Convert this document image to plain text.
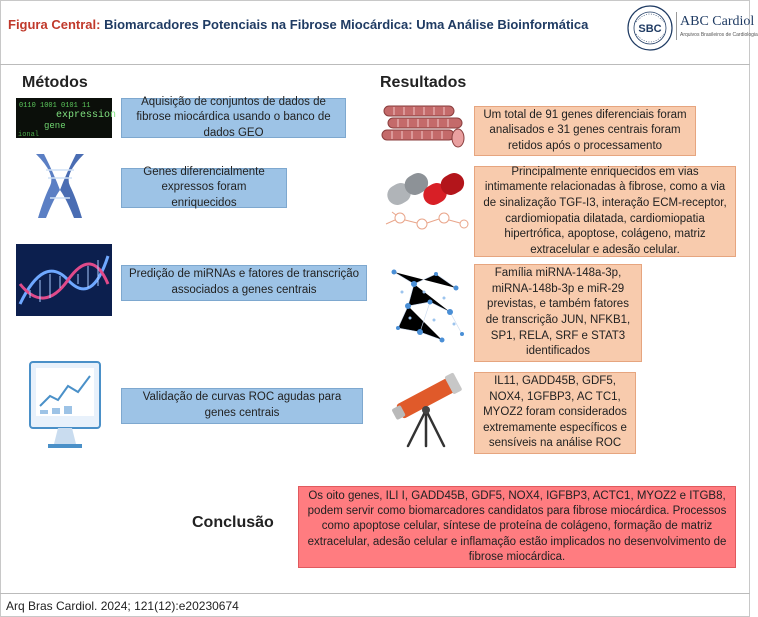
Figura Central: Biomarcadores Potenciais na Fibrose Miocárdica: Uma Análise Bioinformática	SBC ABC Cardiol
Arquivos Brasileiros de Cardiologia
Métodos	Resultados
0110 1001 0101 11
expression
gene
ional
Aquisição de conjuntos de dados de fibrose miocárdica usando o banco de dados GEO
Genes diferencialmente expressos foram enriquecidos
Predição de miRNAs e fatores de transcrição associados a genes centrais
Validação de curvas ROC agudas para genes centrais
Um total de 91 genes diferenciais foram analisados e 31 genes centrais foram retidos após o processamento
Principalmente enriquecidos em vias intimamente relacionadas à fibrose, como a via de sinalização TGF-I3, interação ECM-receptor, cardiomiopatia dilatada, cardiomiopatia hipertrófica, apoptose, colágeno, matriz extracelular e adesão celular.
Família miRNA-148a-3p, miRNA-148b-3p e miR-29 previstas, e também fatores de transcrição JUN, NFKB1, SP1, RELA, SRF e STAT3 identificados
IL11, GADD45B, GDF5, NOX4, 1GFBP3, AC TC1, MYOZ2 foram considerados extremamente específicos e sensíveis na análise ROC
Conclusão
Os oito genes, ILI I, GADD45B, GDF5, NOX4, IGFBP3, ACTC1, MYOZ2 e ITGB8, podem servir como biomarcadores candidatos para fibrose miocárdica. Processos como apoptose celular, síntese de proteína de colágeno, formação de matriz extracelular, adesão celular e inflamação estão implicados no desenvolvimento de fibrose miocárdica.
Arq Bras Cardiol. 2024; 121(12):e20230674
